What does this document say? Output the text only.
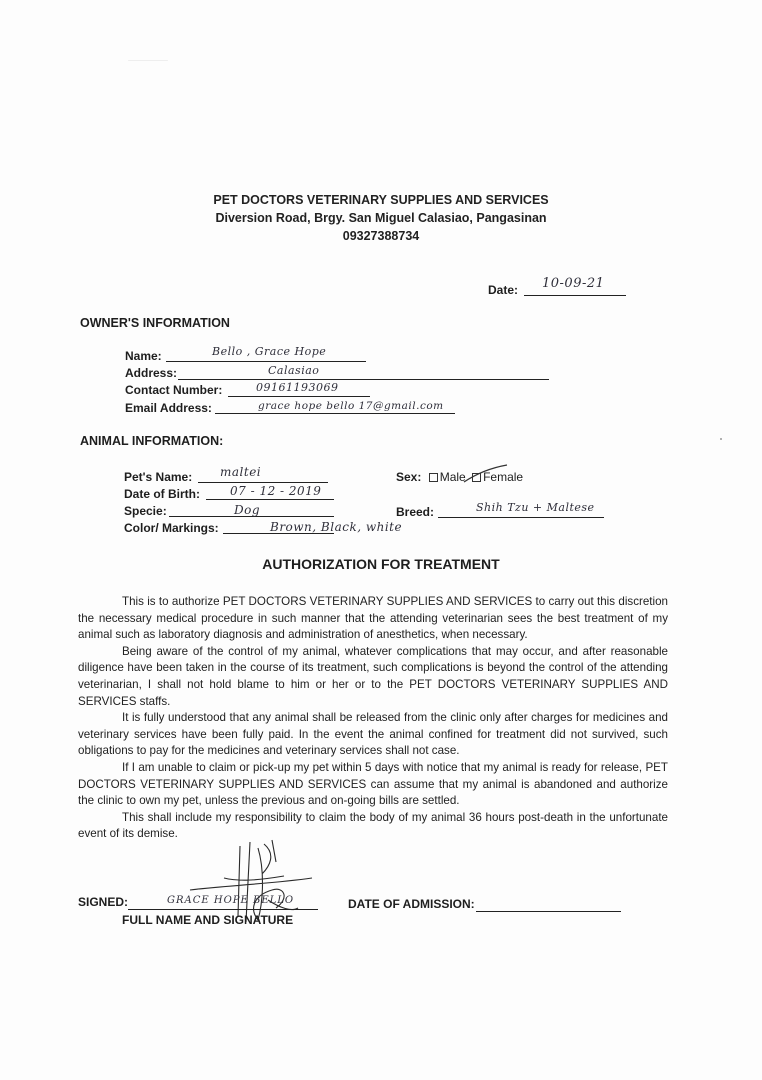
PET DOCTORS VETERINARY SUPPLIES AND SERVICES
Diversion Road, Brgy. San Miguel Calasiao, Pangasinan
09327388734
Date: 10-09-21
OWNER'S INFORMATION
Name:	Bello , Grace Hope
Address:	Calasiao
Contact Number:	09161193069
Email Address:	grace hope bello 17@gmail.com
ANIMAL INFORMATION:
Pet's Name: maltei
Date of Birth:	07 - 12 - 2019
Specie:	Dog
Color/ Markings:	Brown, Black, white
Sex: Male Female
Breed:	Shih Tzu + Maltese
AUTHORIZATION FOR TREATMENT

This is to authorize PET DOCTORS VETERINARY SUPPLIES AND SERVICES to carry out this discretion the necessary medical procedure in such manner that the attending veterinarian sees the best treatment of my animal such as laboratory diagnosis and administration of anesthetics, when necessary.

Being aware of the control of my animal, whatever complications that may occur, and after reasonable diligence have been taken in the course of its treatment, such complications is beyond the control of the attending veterinarian, I shall not hold blame to him or her or to the PET DOCTORS VETERINARY SUPPLIES AND SERVICES staffs.

It is fully understood that any animal shall be released from the clinic only after charges for medicines and veterinary services have been fully paid. In the event the animal confined for treatment did not survived, such obligations to pay for the medicines and veterinary services shall not case.

If I am unable to claim or pick-up my pet within 5 days with notice that my animal is ready for release, PET DOCTORS VETERINARY SUPPLIES AND SERVICES can assume that my animal is abandoned and authorize the clinic to own my pet, unless the previous and on-going bills are settled.

This shall include my responsibility to claim the body of my animal 36 hours post-death in the unfortunate event of its demise.

SIGNED:	GRACE HOPE BELLO
FULL NAME AND SIGNATURE
DATE OF ADMISSION:
